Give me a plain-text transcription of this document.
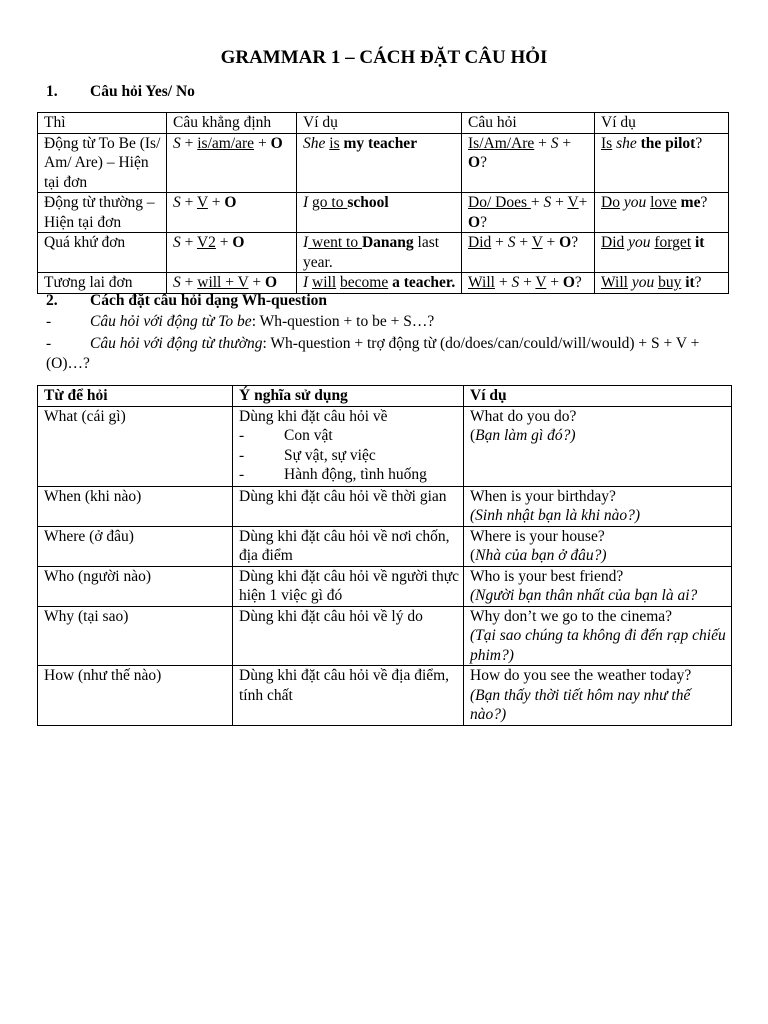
GRAMMAR 1 – CÁCH ĐẶT CÂU HỎI
1. Câu hỏi Yes/ No
Thì	Câu khẳng định	Ví dụ	Câu hỏi	Ví dụ
Động từ To Be (Is/ Am/ Are) – Hiện tại đơn	S + is/am/are + O	She is my teacher	Is/Am/Are + S + O?	Is she the pilot?
Động từ thường – Hiện tại đơn	S + V + O	I go to school	Do/ Does + S + V+ O?	Do you love me?
Quá khứ đơn	S + V2 + O	I went to Danang last year.	Did + S + V + O?	Did you forget it
Tương lai đơn	S + will + V + O	I will become a teacher.	Will + S + V + O?	Will you buy it?
2. Cách đặt câu hỏi dạng Wh-question
-	Câu hỏi với động từ To be: Wh-question + to be + S…?
-	Câu hỏi với động từ thường: Wh-question + trợ động từ (do/does/can/could/will/would) + S + V + (O)…?
Từ để hỏi	Ý nghĩa sử dụng	Ví dụ
What (cái gì)	Dùng khi đặt câu hỏi về
- Con vật
- Sự vật, sự việc
- Hành động, tình huống	What do you do?
(Bạn làm gì đó?)

When (khi nào)	Dùng khi đặt câu hỏi về thời gian	When is your birthday?
(Sinh nhật bạn là khi nào?)

Where (ở đâu)	Dùng khi đặt câu hỏi về nơi chốn, địa điểm	Where is your house?
(Nhà của bạn ở đâu?)

Who (người nào)	Dùng khi đặt câu hỏi về người thực hiện 1 việc gì đó	Who is your best friend?
(Người bạn thân nhất của bạn là ai?

Why (tại sao)	Dùng khi đặt câu hỏi về lý do	Why don’t we go to the cinema?
(Tại sao chúng ta không đi đến rạp chiếu phim?)

How (như thế nào)	Dùng khi đặt câu hỏi về địa điểm, tính chất	How do you see the weather today?
(Bạn thấy thời tiết hôm nay như thế nào?)
